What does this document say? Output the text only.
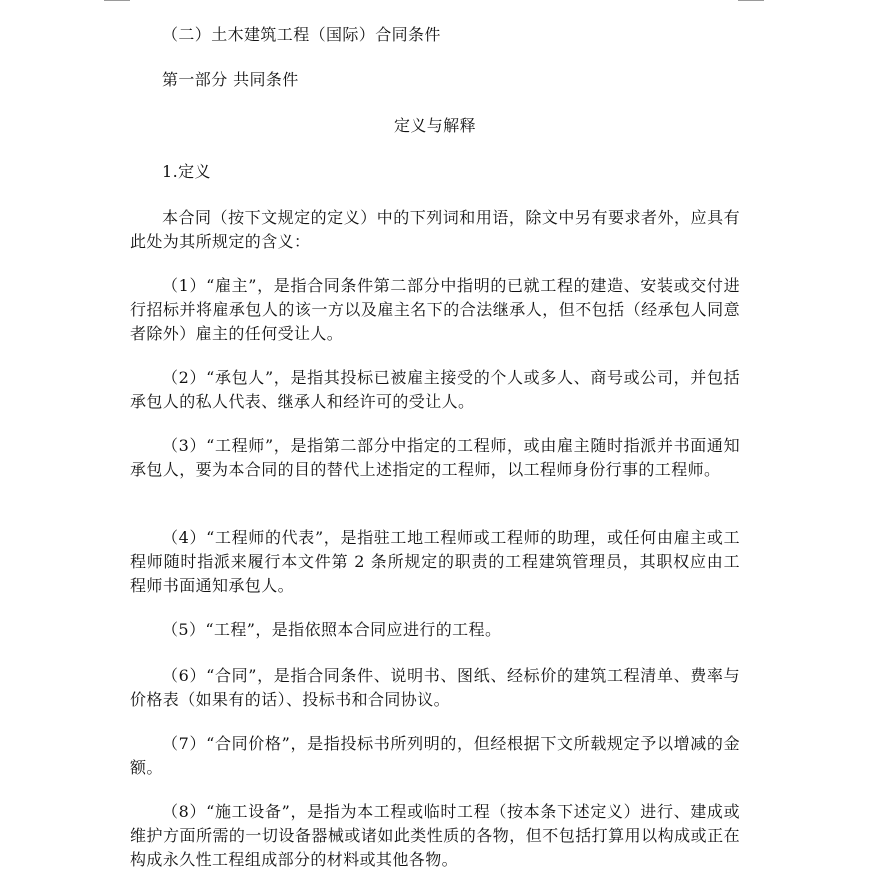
（二）土木建筑工程（国际）合同条件
第一部分 共同条件
定义与解释
1.定义

本合同（按下文规定的定义）中的下列词和用语，除文中另有要求者外，应具有此处为其所规定的含义：

（1）“雇主”，是指合同条件第二部分中指明的已就工程的建造、安装或交付进行招标并将雇承包人的该一方以及雇主名下的合法继承人，但不包括（经承包人同意者除外）雇主的任何受让人。

（2）“承包人”，是指其投标已被雇主接受的个人或多人、商号或公司，并包括承包人的私人代表、继承人和经许可的受让人。

（3）“工程师”，是指第二部分中指定的工程师，或由雇主随时指派并书面通知承包人，要为本合同的目的替代上述指定的工程师，以工程师身份行事的工程师。

（4）“工程师的代表”，是指驻工地工程师或工程师的助理，或任何由雇主或工程师随时指派来履行本文件第 2 条所规定的职责的工程建筑管理员，其职权应由工程师书面通知承包人。

（5）“工程”，是指依照本合同应进行的工程。

（6）“合同”，是指合同条件、说明书、图纸、经标价的建筑工程清单、费率与价格表（如果有的话）、投标书和合同协议。

（7）“合同价格”，是指投标书所列明的，但经根据下文所载规定予以增减的金额。

（8）“施工设备”，是指为本工程或临时工程（按本条下述定义）进行、建成或维护方面所需的一切设备器械或诸如此类性质的各物，但不包括打算用以构成或正在构成永久性工程组成部分的材料或其他各物。
